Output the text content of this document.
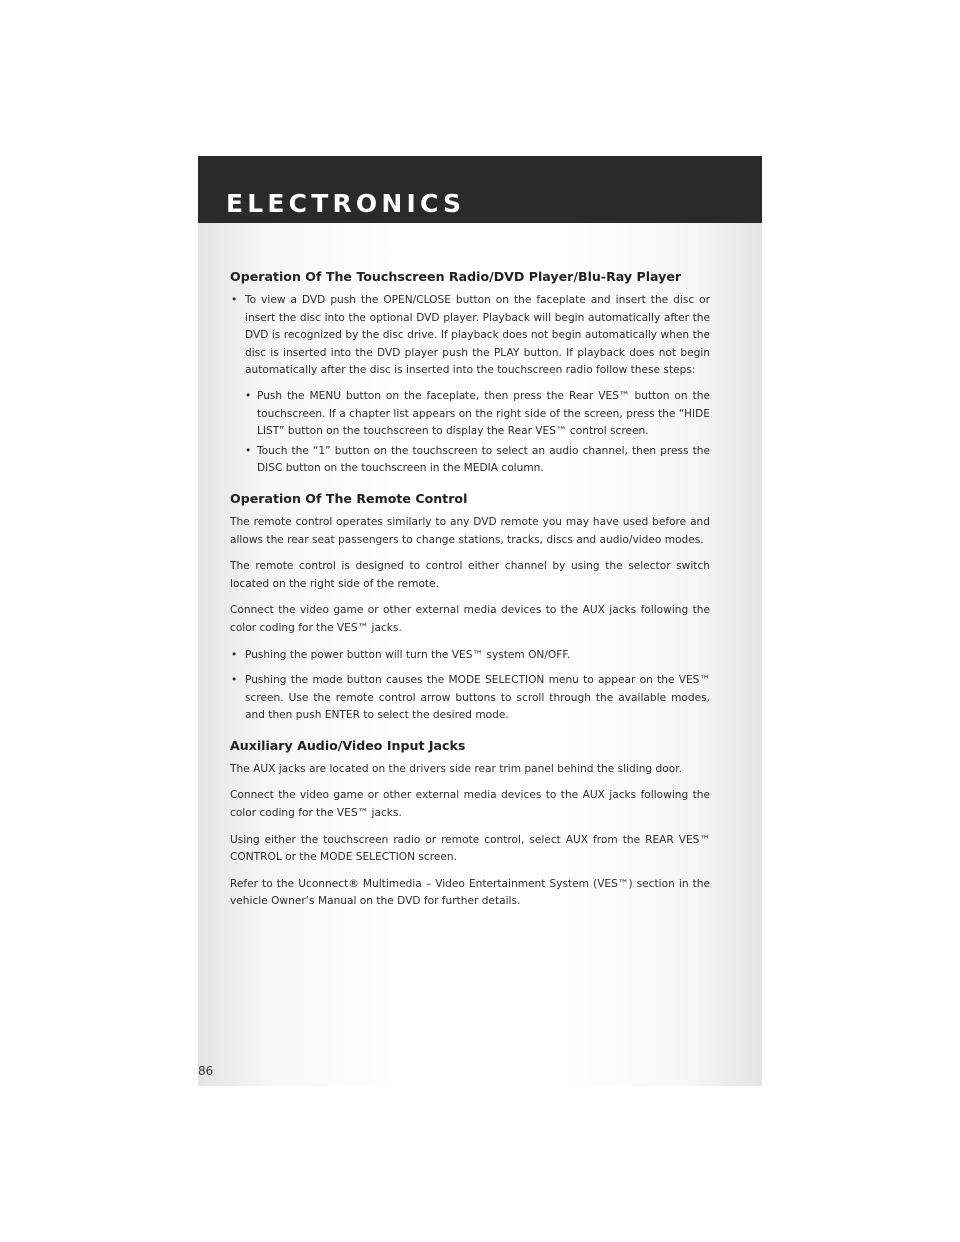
ELECTRONICS
Operation Of The Touchscreen Radio/DVD Player/Blu-Ray Player
• To view a DVD push the OPEN/CLOSE button on the faceplate and insert the disc or insert the disc into the optional DVD player. Playback will begin automatically after the DVD is recognized by the disc drive. If playback does not begin automatically when the disc is inserted into the DVD player push the PLAY button. If playback does not begin automatically after the disc is inserted into the touchscreen radio follow these steps:
• Push the MENU button on the faceplate, then press the Rear VES™ button on the touchscreen. If a chapter list appears on the right side of the screen, press the “HIDE LIST” button on the touchscreen to display the Rear VES™ control screen.
• Touch the “1” button on the touchscreen to select an audio channel, then press the DISC button on the touchscreen in the MEDIA column.
Operation Of The Remote Control

The remote control operates similarly to any DVD remote you may have used before and allows the rear seat passengers to change stations, tracks, discs and audio/video modes.

The remote control is designed to control either channel by using the selector switch located on the right side of the remote.

Connect the video game or other external media devices to the AUX jacks following the color coding for the VES™ jacks.

• Pushing the power button will turn the VES™ system ON/OFF.
• Pushing the mode button causes the MODE SELECTION menu to appear on the VES™ screen. Use the remote control arrow buttons to scroll through the available modes, and then push ENTER to select the desired mode.
Auxiliary Audio/Video Input Jacks

The AUX jacks are located on the drivers side rear trim panel behind the sliding door.

Connect the video game or other external media devices to the AUX jacks following the color coding for the VES™ jacks.

Using either the touchscreen radio or remote control, select AUX from the REAR VES™ CONTROL or the MODE SELECTION screen.

Refer to the Uconnect® Multimedia – Video Entertainment System (VES™) section in the vehicle Owner’s Manual on the DVD for further details.

86
